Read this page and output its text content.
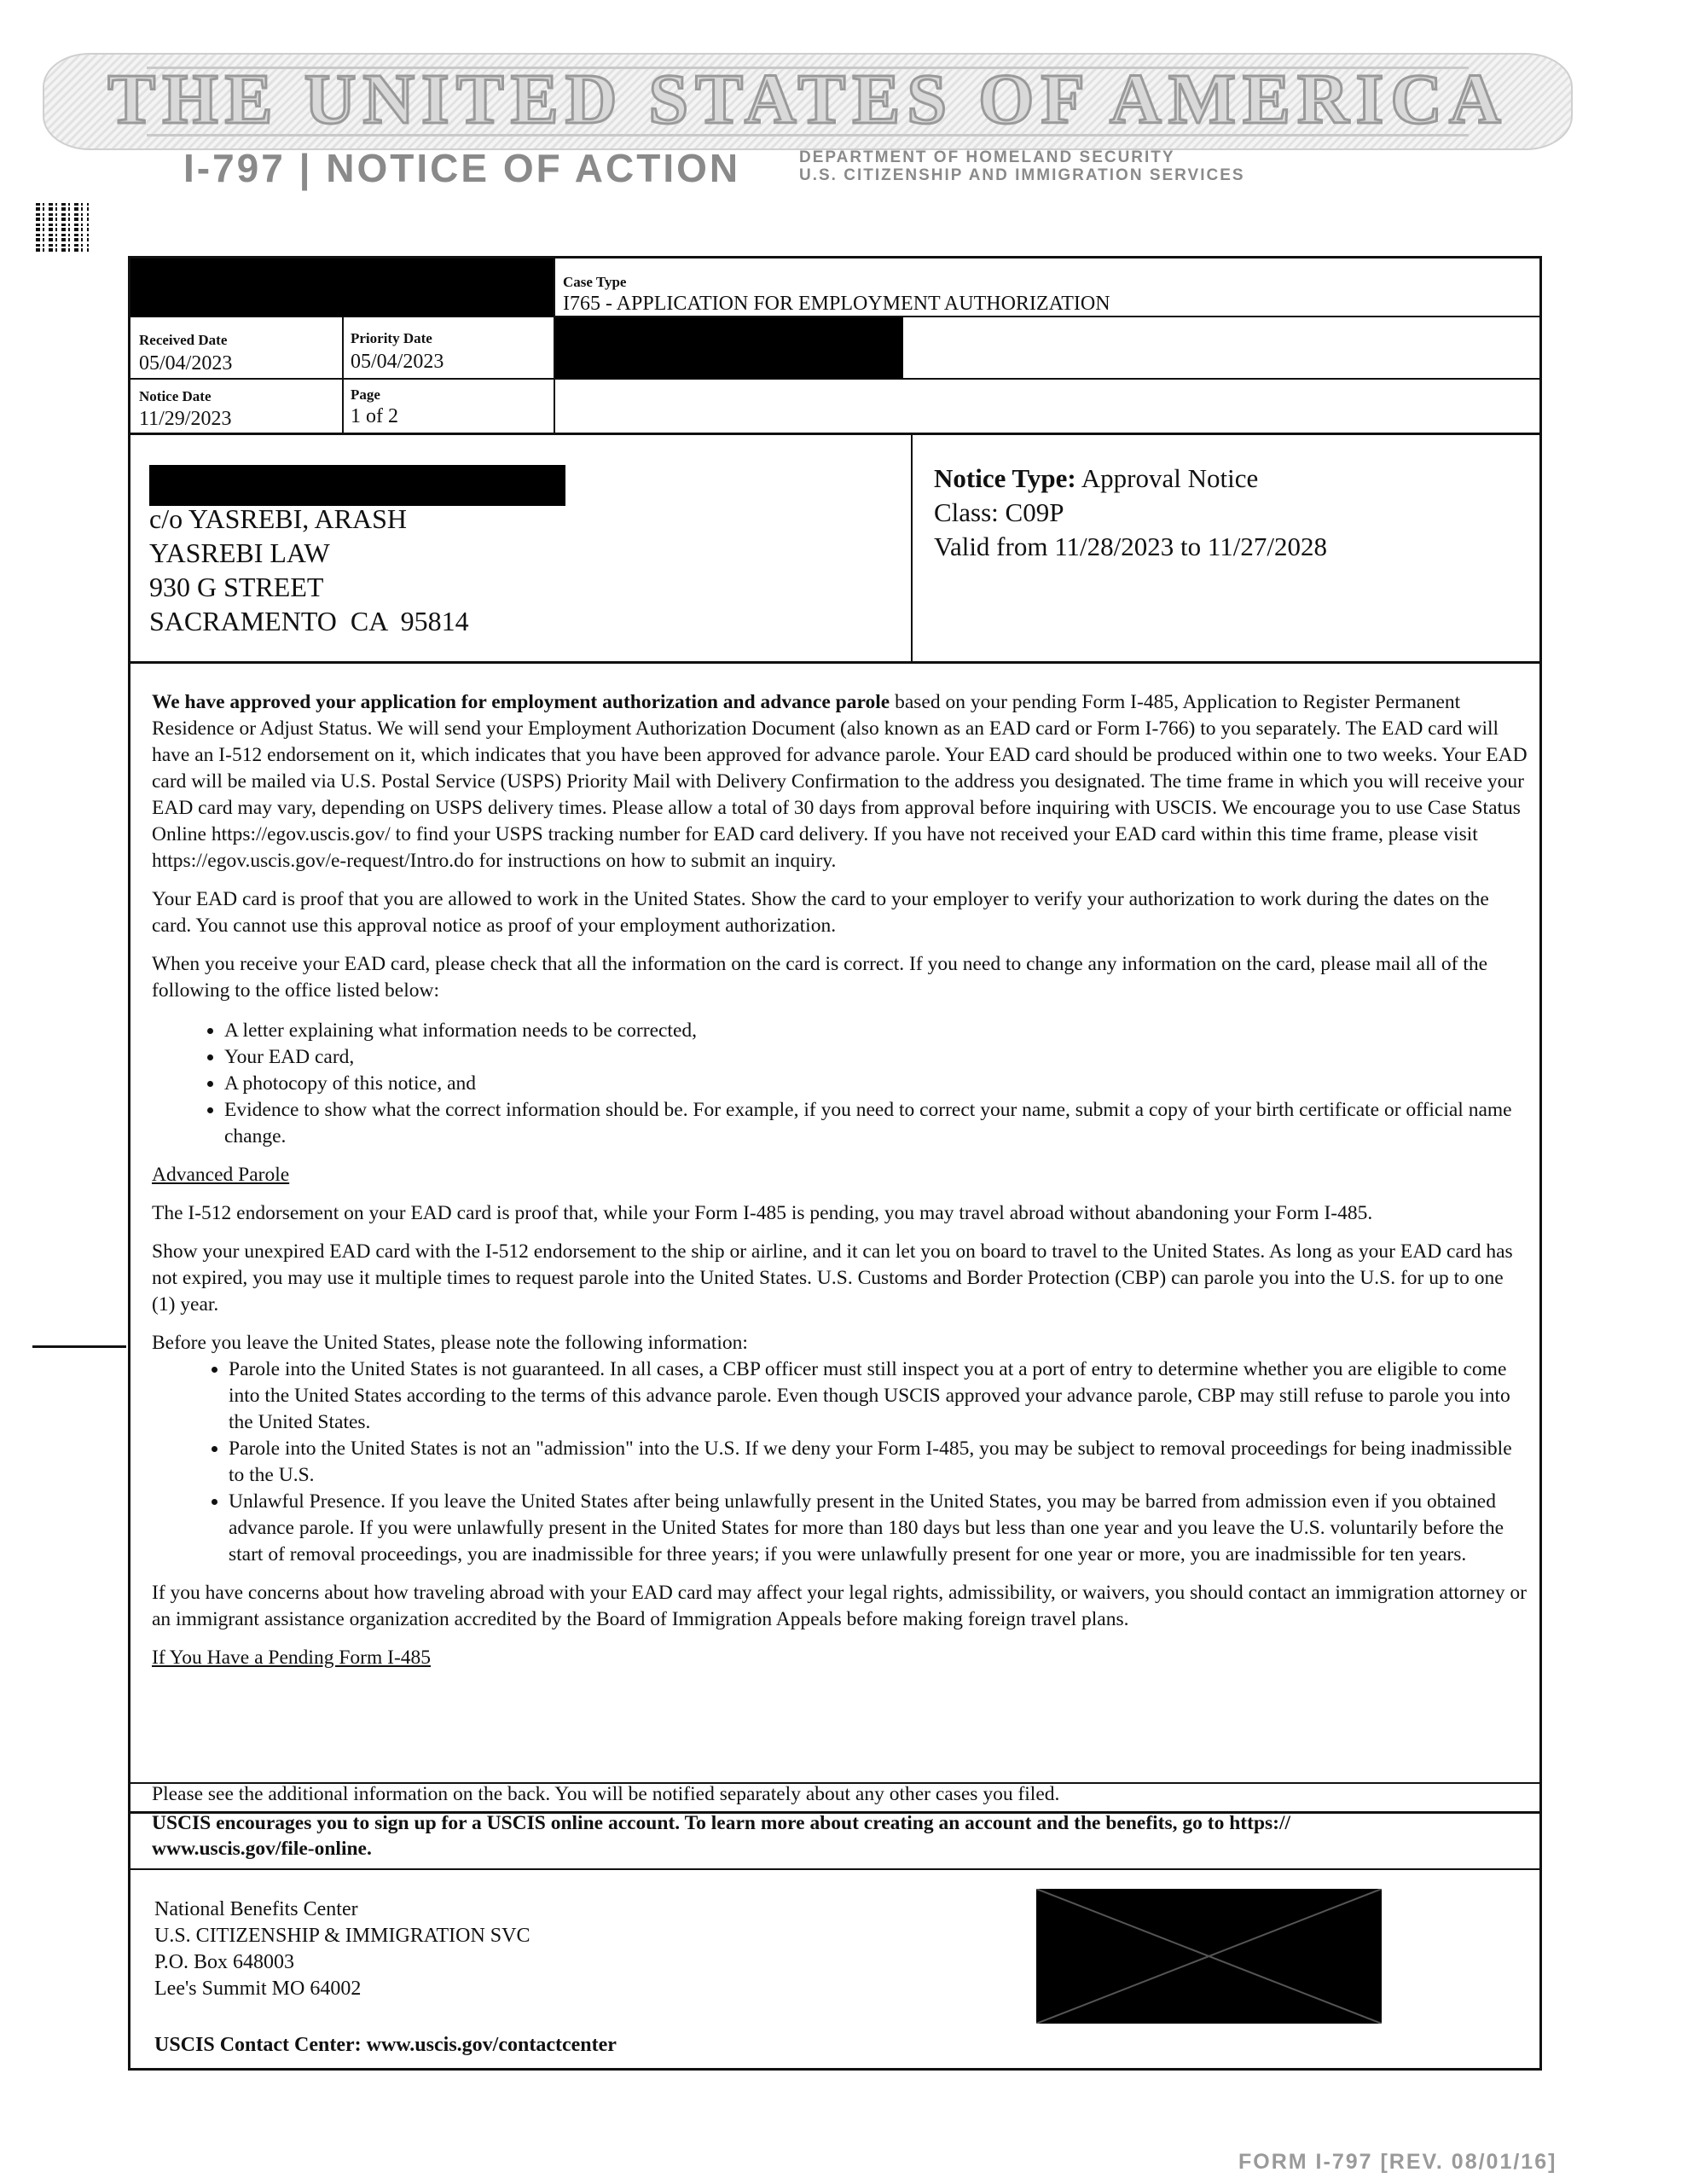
THE UNITED STATES OF AMERICA
I-797 | NOTICE OF ACTION	DEPARTMENT OF HOMELAND SECURITY
U.S. CITIZENSHIP AND IMMIGRATION SERVICES
Case Type
I765 - APPLICATION FOR EMPLOYMENT AUTHORIZATION
Received Date
05/04/2023
Priority Date
05/04/2023
Notice Date
11/29/2023
Page
1 of 2
c/o YASREBI, ARASH
YASREBI LAW
930 G STREET
SACRAMENTO  CA  95814
Notice Type: Approval Notice
Class: C09P
Valid from 11/28/2023 to 11/27/2028

We have approved your application for employment authorization and advance parole based on your pending Form I-485, Application to Register Permanent Residence or Adjust Status. We will send your Employment Authorization Document (also known as an EAD card or Form I-766) to you separately. The EAD card will have an I-512 endorsement on it, which indicates that you have been approved for advance parole. Your EAD card should be produced within one to two weeks. Your EAD card will be mailed via U.S. Postal Service (USPS) Priority Mail with Delivery Confirmation to the address you designated. The time frame in which you will receive your EAD card may vary, depending on USPS delivery times. Please allow a total of 30 days from approval before inquiring with USCIS. We encourage you to use Case Status Online https://egov.uscis.gov/ to find your USPS tracking number for EAD card delivery. If you have not received your EAD card within this time frame, please visit https://egov.uscis.gov/e-request/Intro.do for instructions on how to submit an inquiry.

Your EAD card is proof that you are allowed to work in the United States. Show the card to your employer to verify your authorization to work during the dates on the card. You cannot use this approval notice as proof of your employment authorization.

When you receive your EAD card, please check that all the information on the card is correct. If you need to change any information on the card, please mail all of the following to the office listed below:

• A letter explaining what information needs to be corrected,
• Your EAD card,
• A photocopy of this notice, and
• Evidence to show what the correct information should be. For example, if you need to correct your name, submit a copy of your birth certificate or official name change.

Advanced Parole

The I-512 endorsement on your EAD card is proof that, while your Form I-485 is pending, you may travel abroad without abandoning your Form I-485.

Show your unexpired EAD card with the I-512 endorsement to the ship or airline, and it can let you on board to travel to the United States. As long as your EAD card has not expired, you may use it multiple times to request parole into the United States. U.S. Customs and Border Protection (CBP) can parole you into the U.S. for up to one (1) year.

Before you leave the United States, please note the following information:

• Parole into the United States is not guaranteed. In all cases, a CBP officer must still inspect you at a port of entry to determine whether you are eligible to come into the United States according to the terms of this advance parole. Even though USCIS approved your advance parole, CBP may still refuse to parole you into the United States.
• Parole into the United States is not an "admission" into the U.S. If we deny your Form I-485, you may be subject to removal proceedings for being inadmissible to the U.S.
• Unlawful Presence. If you leave the United States after being unlawfully present in the United States, you may be barred from admission even if you obtained advance parole. If you were unlawfully present in the United States for more than 180 days but less than one year and you leave the U.S. voluntarily before the start of removal proceedings, you are inadmissible for three years; if you were unlawfully present for one year or more, you are inadmissible for ten years.

If you have concerns about how traveling abroad with your EAD card may affect your legal rights, admissibility, or waivers, you should contact an immigration attorney or an immigrant assistance organization accredited by the Board of Immigration Appeals before making foreign travel plans.

If You Have a Pending Form I-485

Please see the additional information on the back. You will be notified separately about any other cases you filed.
USCIS encourages you to sign up for a USCIS online account. To learn more about creating an account and the benefits, go to https://
www.uscis.gov/file-online.
National Benefits Center
U.S. CITIZENSHIP & IMMIGRATION SVC
P.O. Box 648003
Lee's Summit MO 64002
USCIS Contact Center: www.uscis.gov/contactcenter
FORM I-797 [REV. 08/01/16]
